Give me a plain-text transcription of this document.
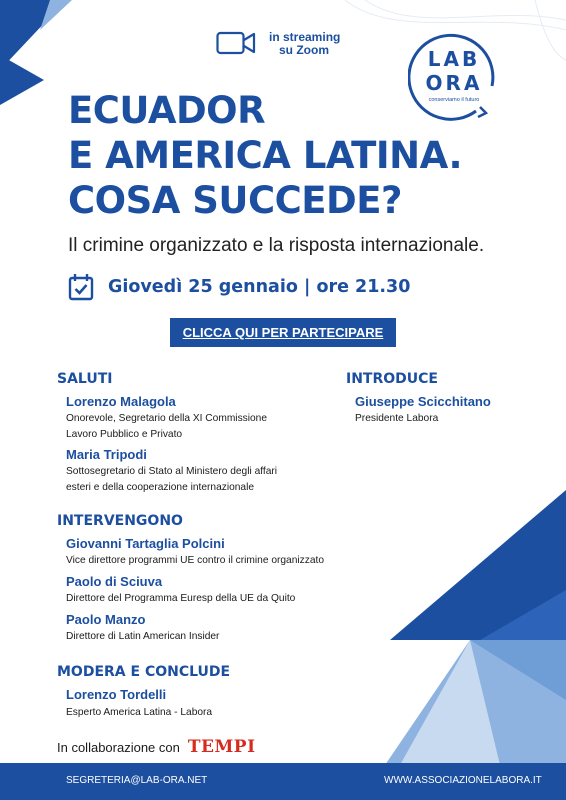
in streaming
su Zoom	LAB
ORA
conserviamo il futuro
ECUADOR
E AMERICA LATINA.
COSA SUCCEDE?
Il crimine organizzato e la risposta internazionale.
Giovedì 25 gennaio | ore 21.30
CLICCA QUI PER PARTECIPARE
SALUTI
Lorenzo Malagola
Onorevole, Segretario della XI Commissione
Lavoro Pubblico e Privato
Maria Tripodi
Sottosegretario di Stato al Ministero degli affari
esteri e della cooperazione internazionale
INTRODUCE
Giuseppe Scicchitano
Presidente Labora
INTERVENGONO
Giovanni Tartaglia Polcini
Vice direttore programmi UE contro il crimine organizzato
Paolo di Sciuva
Direttore del Programma Euresp della UE da Quito
Paolo Manzo
Direttore di Latin American Insider
MODERA E CONCLUDE
Lorenzo Tordelli
Esperto America Latina - Labora
In collaborazione con TEMPI
SEGRETERIA@LAB-ORA.NET	WWW.ASSOCIAZIONELABORA.IT
